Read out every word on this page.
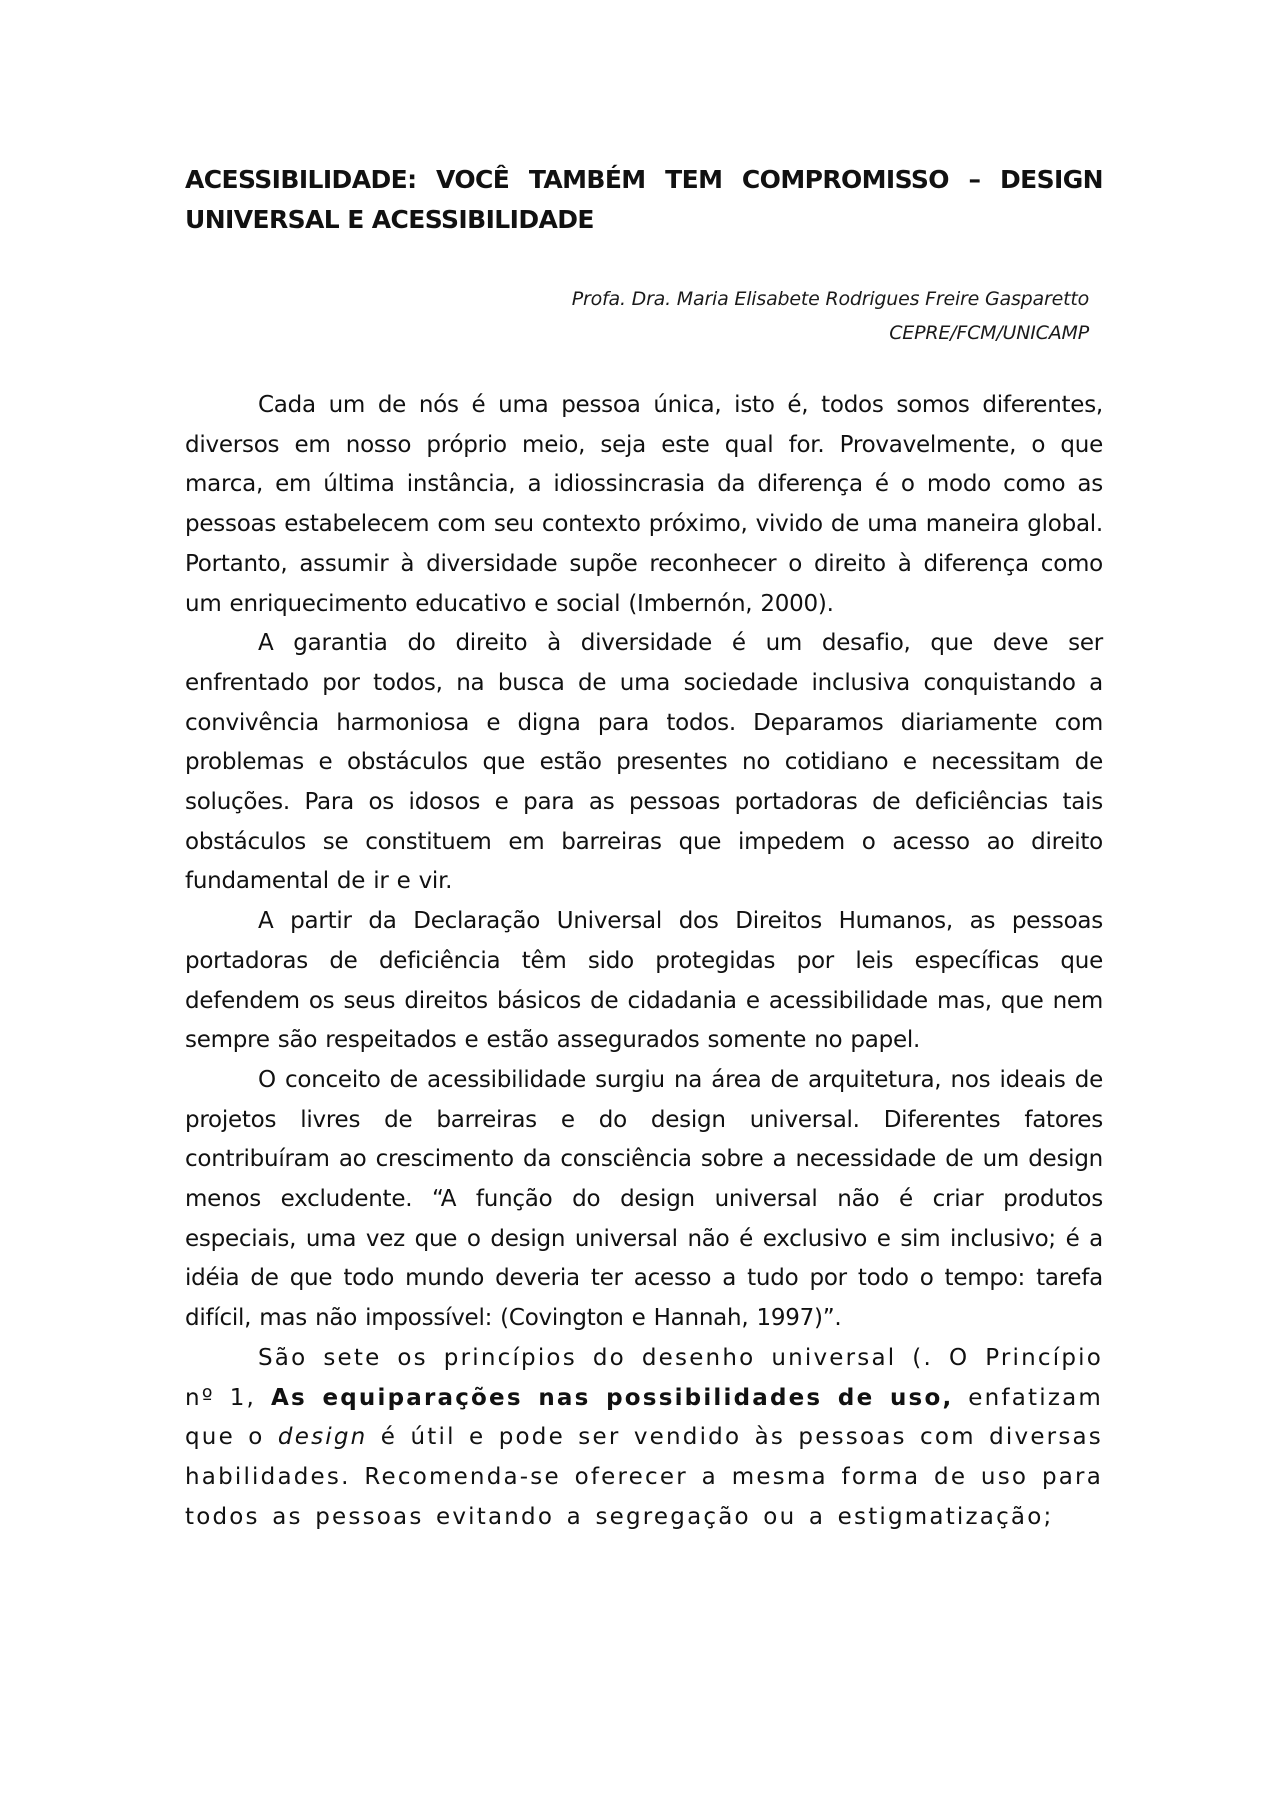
ACESSIBILIDADE: VOCÊ TAMBÉM TEM COMPROMISSO – DESIGN UNIVERSAL E ACESSIBILIDADE
Profa. Dra. Maria Elisabete Rodrigues Freire Gasparetto
CEPRE/FCM/UNICAMP

Cada um de nós é uma pessoa única, isto é, todos somos diferentes, diversos em nosso próprio meio, seja este qual for. Provavelmente, o que marca, em última instância, a idiossincrasia da diferença é o modo como as pessoas estabelecem com seu contexto próximo, vivido de uma maneira global. Portanto, assumir à diversidade supõe reconhecer o direito à diferença como um enriquecimento educativo e social (Imbernón, 2000).

A garantia do direito à diversidade é um desafio, que deve ser enfrentado por todos, na busca de uma sociedade inclusiva conquistando a convivência harmoniosa e digna para todos. Deparamos diariamente com problemas e obstáculos que estão presentes no cotidiano e necessitam de soluções. Para os idosos e para as pessoas portadoras de deficiências tais obstáculos se constituem em barreiras que impedem o acesso ao direito fundamental de ir e vir.

A partir da Declaração Universal dos Direitos Humanos, as pessoas portadoras de deficiência têm sido protegidas por leis específicas que defendem os seus direitos básicos de cidadania e acessibilidade mas, que nem sempre são respeitados e estão assegurados somente no papel.

O conceito de acessibilidade surgiu na área de arquitetura, nos ideais de projetos livres de barreiras e do design universal. Diferentes fatores contribuíram ao crescimento da consciência sobre a necessidade de um design menos excludente. “A função do design universal não é criar produtos especiais, uma vez que o design universal não é exclusivo e sim inclusivo; é a idéia de que todo mundo deveria ter acesso a tudo por todo o tempo: tarefa difícil, mas não impossível: (Covington e Hannah, 1997)”.

São sete os princípios do desenho universal (. O Princípio nº 1, As equiparações nas possibilidades de uso, enfatizam que o design é útil e pode ser vendido às pessoas com diversas habilidades. Recomenda-se oferecer a mesma forma de uso para todos as pessoas evitando a segregação ou a estigmatização;
